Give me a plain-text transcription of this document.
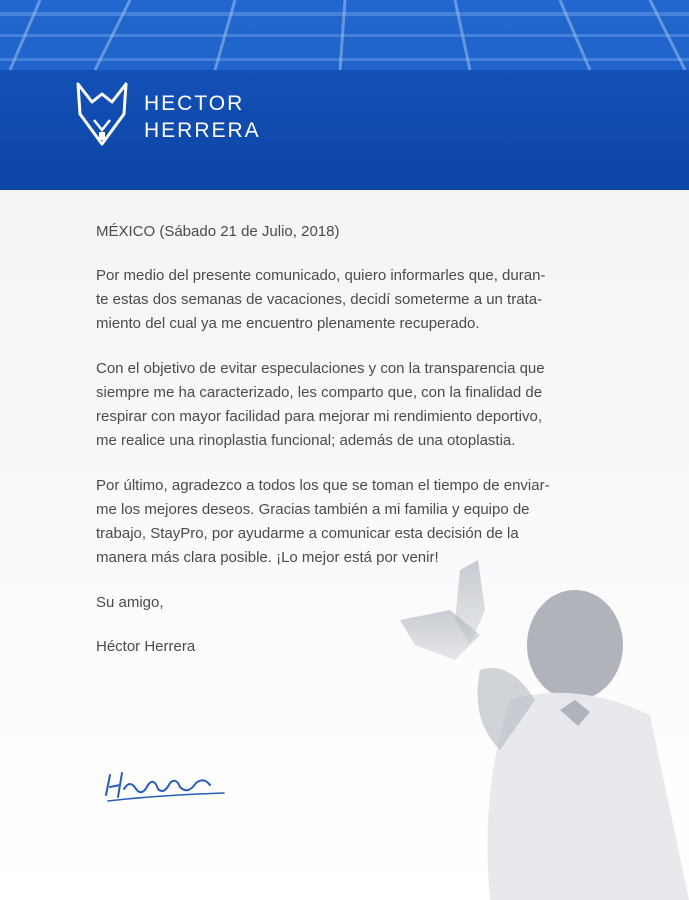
HECTOR
HERRERA

MÉXICO (Sábado 21 de Julio, 2018)

Por medio del presente comunicado, quiero informarles que, duran-
te estas dos semanas de vacaciones, decidí someterme a un trata-
miento del cual ya me encuentro plenamente recuperado.

Con el objetivo de evitar especulaciones y con la transparencia que
siempre me ha caracterizado, les comparto que, con la finalidad de
respirar con mayor facilidad para mejorar mi rendimiento deportivo,
me realice una rinoplastia funcional; además de una otoplastia.

Por último, agradezco a todos los que se toman el tiempo de enviar-
me los mejores deseos. Gracias también a mi familia y equipo de
trabajo, StayPro, por ayudarme a comunicar esta decisión de la
manera más clara posible. ¡Lo mejor está por venir!

Su amigo,

Héctor Herrera
